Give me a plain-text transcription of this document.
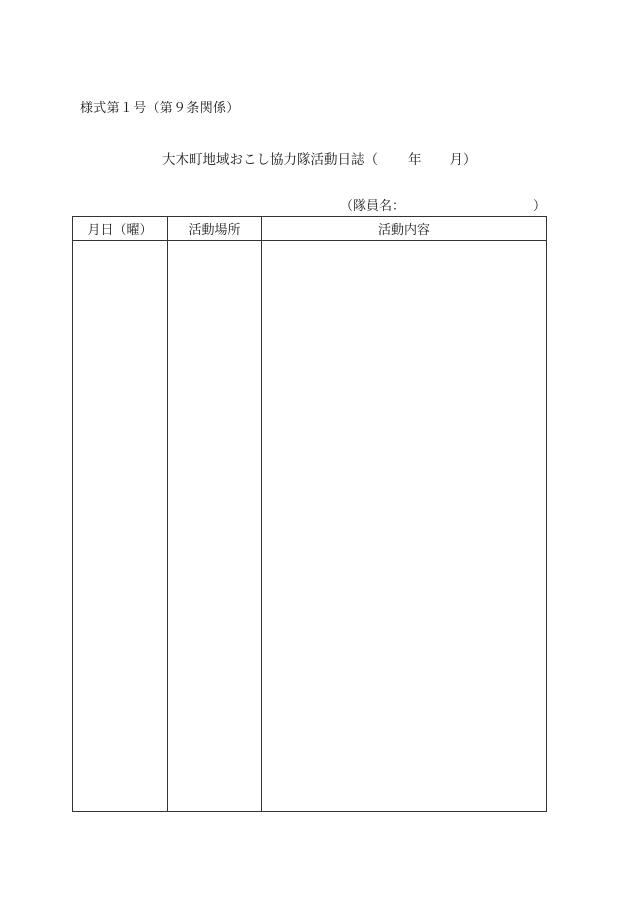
様式第１号（第９条関係）
大木町地域おこし協力隊活動日誌（ 年 月）
（隊員名：	）
月日（曜）	活動場所	活動内容
